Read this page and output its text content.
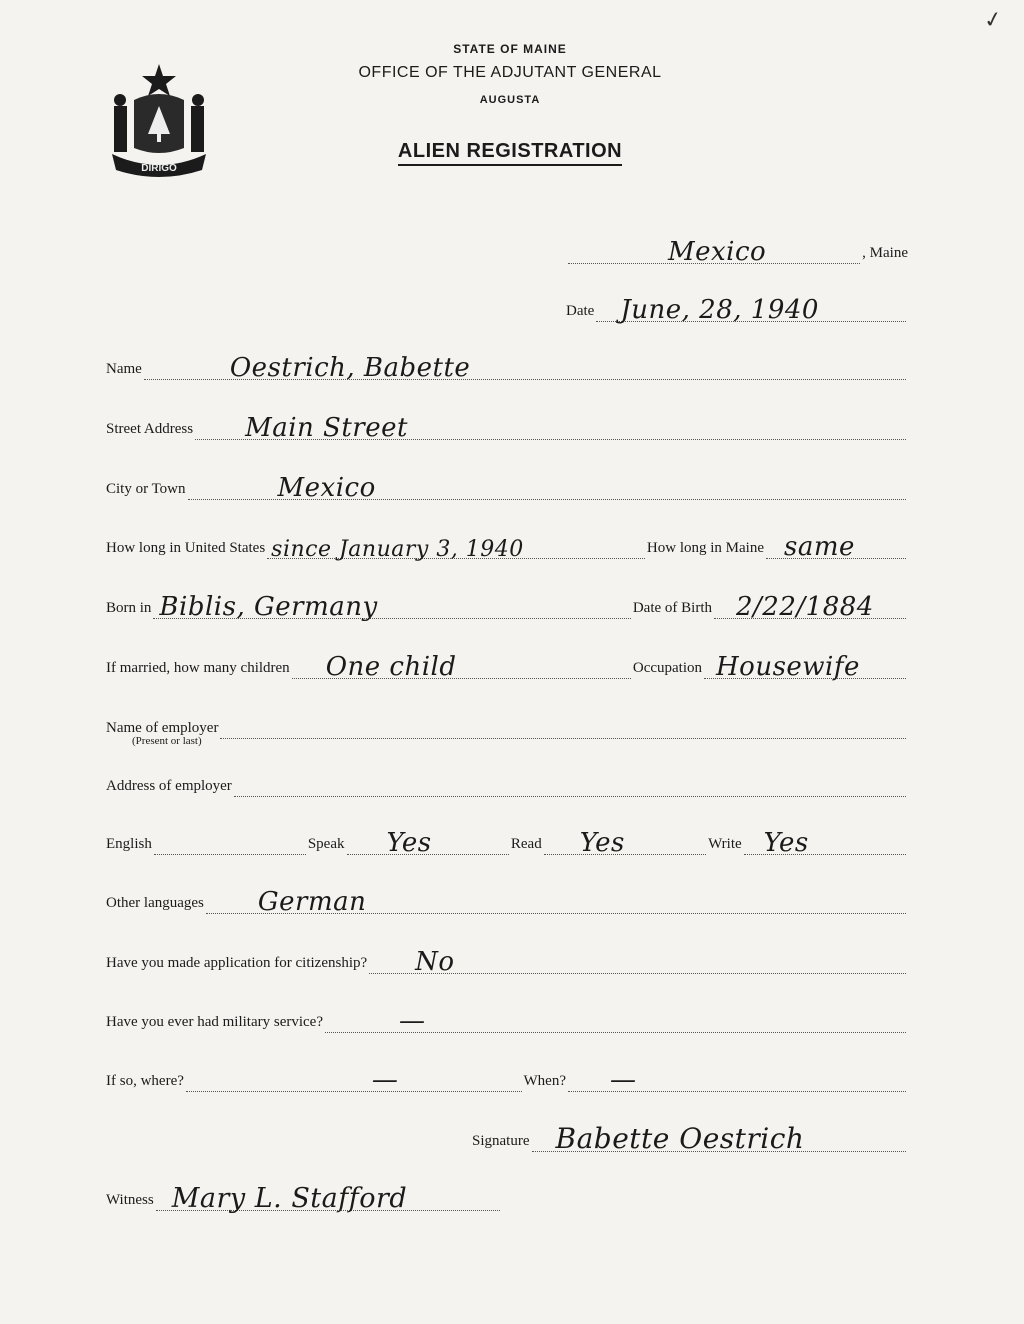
✓
DIRIGO
STATE OF MAINE
OFFICE OF THE ADJUTANT GENERAL
AUGUSTA
ALIEN REGISTRATION
Mexico	, Maine
Date June, 28, 1940
Name	Oestrich, Babette
Street Address Main Street
City or Town	Mexico
How long in United States since January 3, 1940	How long in Maine same
Born in Biblis, Germany	Date of Birth 2/22/1884
If married, how many children One child	Occupation Housewife
Name of employer
(Present or last)
Address of employer
English	Speak Yes	Read Yes	Write Yes
Other languages German
Have you made application for citizenship? No
Have you ever had military service?	—
If so, where?	—	When? —
Signature Babette Oestrich
Witness Mary L. Stafford
